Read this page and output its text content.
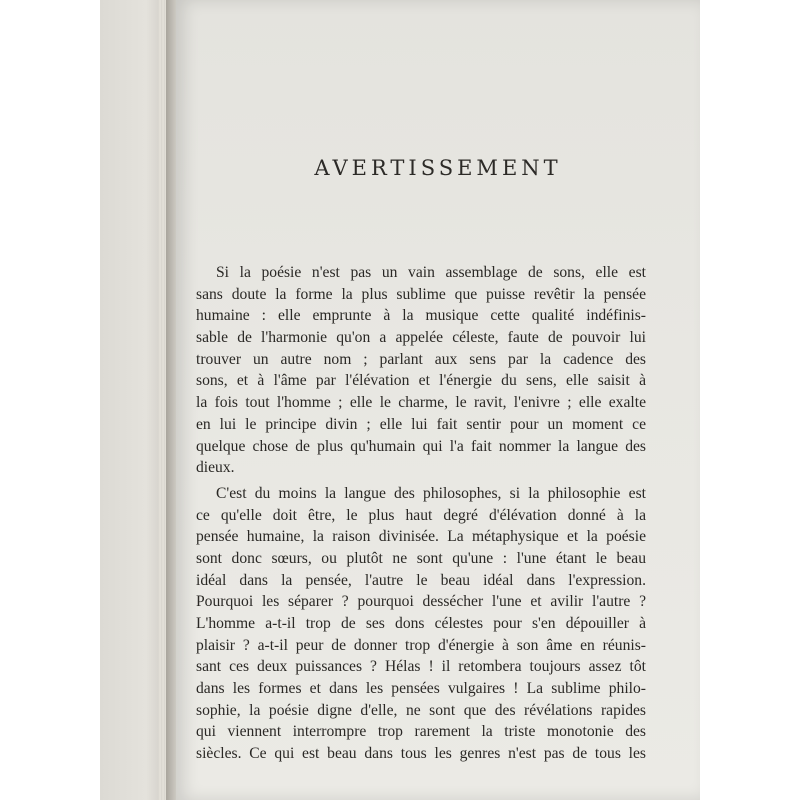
AVERTISSEMENT
Si la poésie n'est pas un vain assemblage de sons, elle est
sans doute la forme la plus sublime que puisse revêtir la pensée
humaine : elle emprunte à la musique cette qualité indéfinis-
sable de l'harmonie qu'on a appelée céleste, faute de pouvoir lui
trouver un autre nom ; parlant aux sens par la cadence des
sons, et à l'âme par l'élévation et l'énergie du sens, elle saisit à
la fois tout l'homme ; elle le charme, le ravit, l'enivre ; elle exalte
en lui le principe divin ; elle lui fait sentir pour un moment ce
quelque chose de plus qu'humain qui l'a fait nommer la langue des
dieux.
C'est du moins la langue des philosophes, si la philosophie est
ce qu'elle doit être, le plus haut degré d'élévation donné à la
pensée humaine, la raison divinisée. La métaphysique et la poésie
sont donc sœurs, ou plutôt ne sont qu'une : l'une étant le beau
idéal dans la pensée, l'autre le beau idéal dans l'expression.
Pourquoi les séparer ? pourquoi dessécher l'une et avilir l'autre ?
L'homme a-t-il trop de ses dons célestes pour s'en dépouiller à
plaisir ? a-t-il peur de donner trop d'énergie à son âme en réunis-
sant ces deux puissances ? Hélas ! il retombera toujours assez tôt
dans les formes et dans les pensées vulgaires ! La sublime philo-
sophie, la poésie digne d'elle, ne sont que des révélations rapides
qui viennent interrompre trop rarement la triste monotonie des
siècles. Ce qui est beau dans tous les genres n'est pas de tous les
